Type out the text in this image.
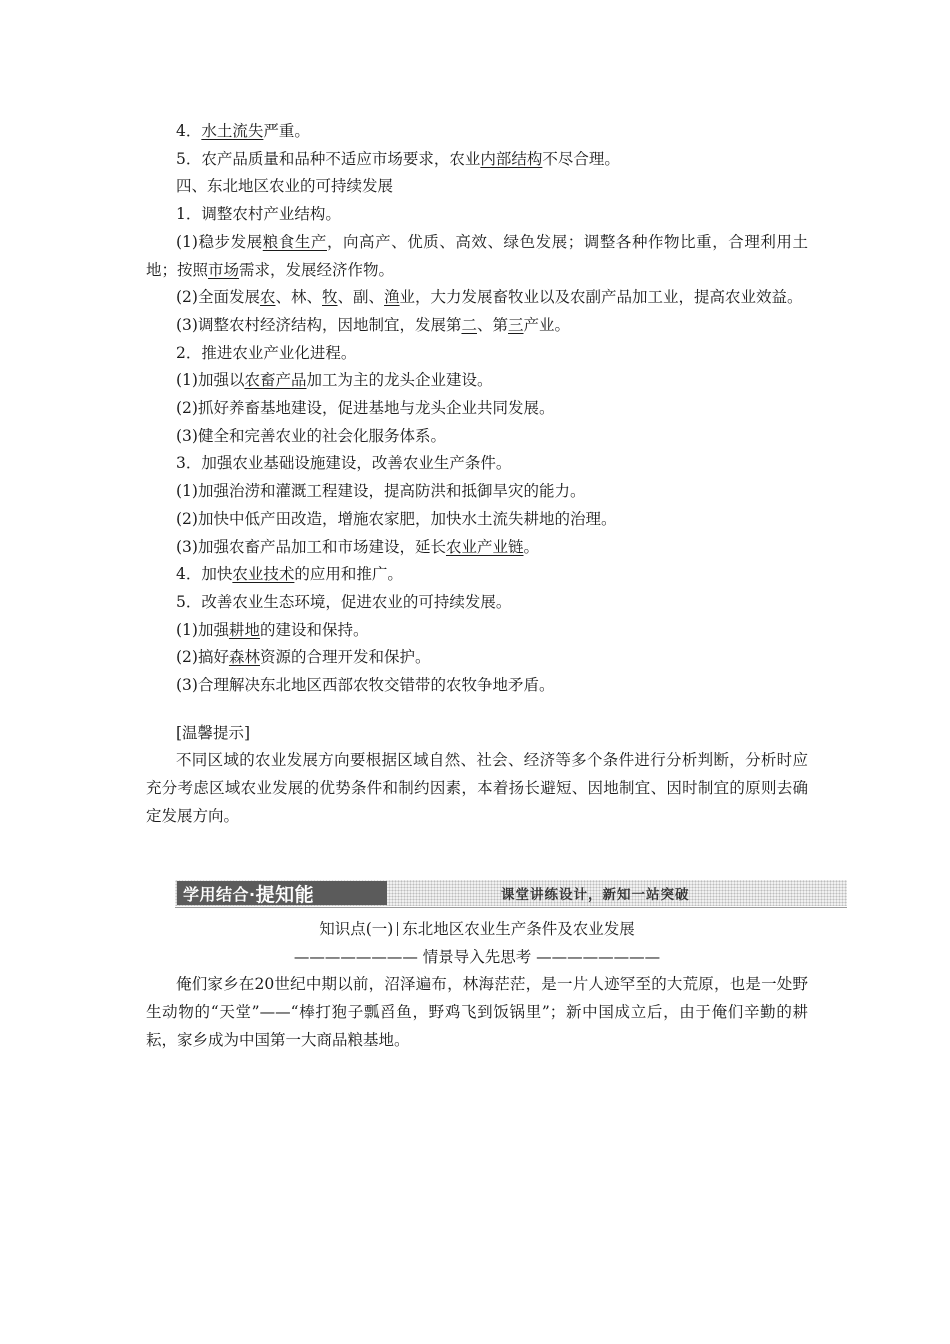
4．水土流失严重。
5．农产品质量和品种不适应市场要求，农业内部结构不尽合理。
四、东北地区农业的可持续发展
1．调整农村产业结构。
(1)稳步发展粮食生产，向高产、优质、高效、绿色发展；调整各种作物比重，合理利用土地；按照市场需求，发展经济作物。
(2)全面发展农、林、牧、副、渔业，大力发展畜牧业以及农副产品加工业，提高农业效益。
(3)调整农村经济结构，因地制宜，发展第二、第三产业。
2．推进农业产业化进程。
(1)加强以农畜产品加工为主的龙头企业建设。
(2)抓好养畜基地建设，促进基地与龙头企业共同发展。
(3)健全和完善农业的社会化服务体系。
3．加强农业基础设施建设，改善农业生产条件。
(1)加强治涝和灌溉工程建设，提高防洪和抵御旱灾的能力。
(2)加快中低产田改造，增施农家肥，加快水土流失耕地的治理。
(3)加强农畜产品加工和市场建设，延长农业产业链。
4．加快农业技术的应用和推广。
5．改善农业生态环境，促进农业的可持续发展。
(1)加强耕地的建设和保持。
(2)搞好森林资源的合理开发和保护。
(3)合理解决东北地区西部农牧交错带的农牧争地矛盾。
[温馨提示]
不同区域的农业发展方向要根据区域自然、社会、经济等多个条件进行分析判断，分析时应充分考虑区域农业发展的优势条件和制约因素，本着扬长避短、因地制宜、因时制宜的原则去确定发展方向。
学用结合· 提知能	课堂讲练设计，新知一站突破
知识点(一) 东北地区农业生产条件及农业发展
———————— 情景导入先思考 ————————
俺们家乡在20世纪中期以前，沼泽遍布，林海茫茫，是一片人迹罕至的大荒原，也是一处野生动物的“天堂”——“棒打狍子瓢舀鱼，野鸡飞到饭锅里”；新中国成立后，由于俺们辛勤的耕耘，家乡成为中国第一大商品粮基地。
